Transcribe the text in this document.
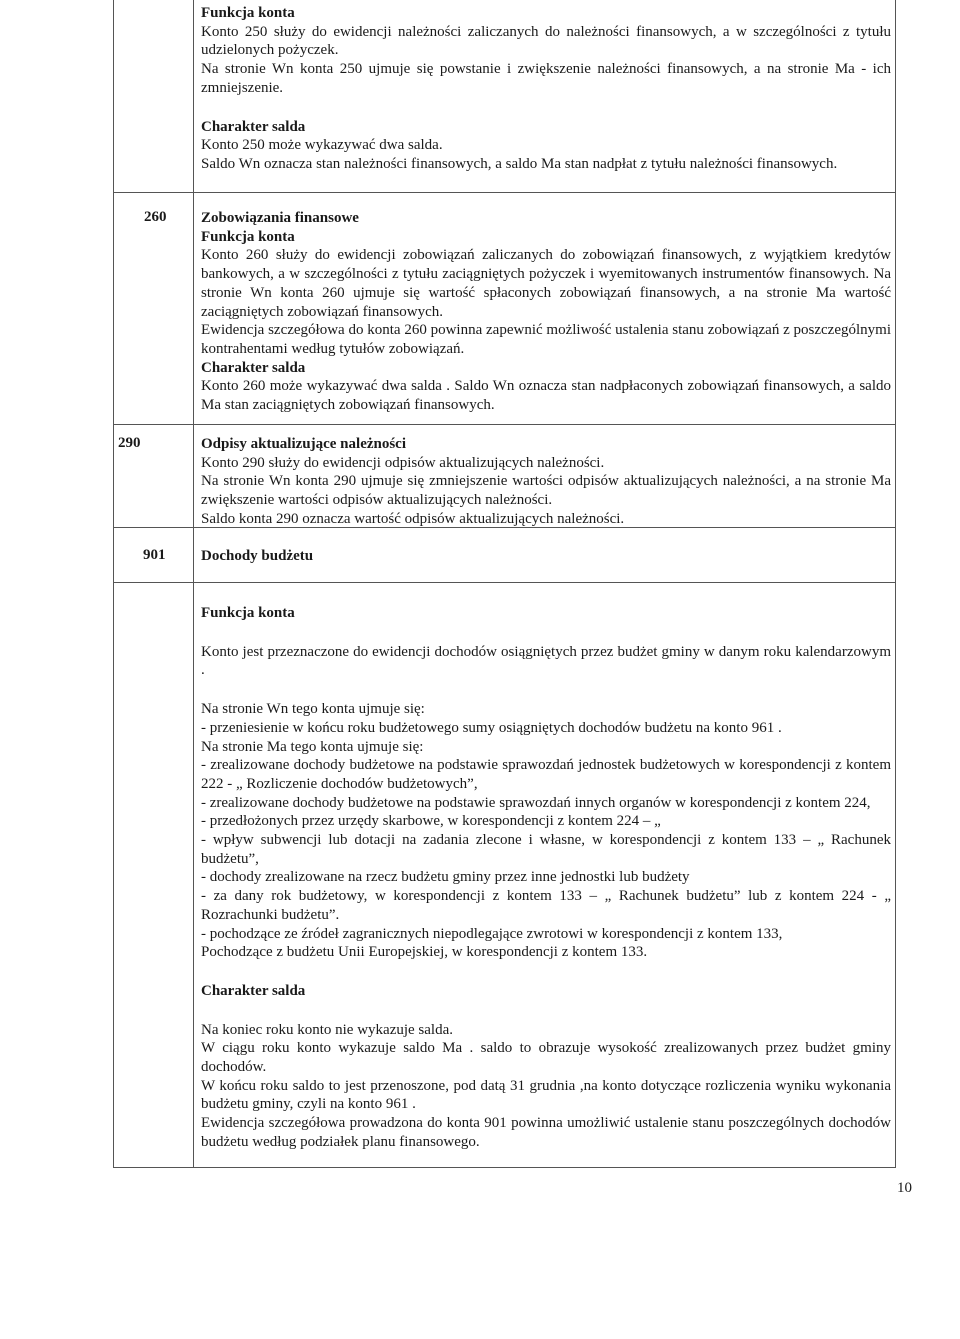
260
290
901

Funkcja konta

Konto 250 służy do ewidencji należności zaliczanych do należności finansowych, a w szczególności z tytułu udzielonych pożyczek.

Na stronie Wn konta 250 ujmuje się powstanie i zwiększenie należności finansowych, a na stronie Ma - ich zmniejszenie.

Charakter salda

Konto 250 może wykazywać dwa salda.

Saldo Wn oznacza stan należności finansowych, a saldo Ma stan nadpłat z tytułu należności finansowych.

Zobowiązania finansowe

Funkcja konta

Konto 260 służy do ewidencji zobowiązań zaliczanych do zobowiązań finansowych, z wyjątkiem kredytów bankowych, a w szczególności z tytułu zaciągniętych pożyczek i wyemitowanych instrumentów finansowych. Na stronie Wn konta 260 ujmuje się wartość spłaconych zobowiązań finansowych, a na stronie Ma wartość zaciągniętych zobowiązań finansowych.

Ewidencja szczegółowa do konta 260 powinna zapewnić możliwość ustalenia stanu zobowiązań z poszczególnymi kontrahentami według tytułów zobowiązań.

Charakter salda

Konto 260 może wykazywać dwa salda . Saldo Wn oznacza stan nadpłaconych zobowiązań finansowych, a saldo Ma stan zaciągniętych zobowiązań finansowych.

Odpisy aktualizujące należności

Konto 290 służy do ewidencji odpisów aktualizujących należności.

Na stronie Wn konta 290 ujmuje się zmniejszenie wartości odpisów aktualizujących należności, a na stronie Ma zwiększenie wartości odpisów aktualizujących należności.

Saldo konta 290 oznacza wartość odpisów aktualizujących należności.

Dochody budżetu

Funkcja konta

Konto jest przeznaczone do ewidencji dochodów osiągniętych przez budżet gminy w danym roku kalendarzowym .

Na stronie Wn tego konta ujmuje się:

- przeniesienie w końcu roku budżetowego sumy osiągniętych dochodów budżetu na konto 961 .

Na stronie Ma tego konta ujmuje się:

- zrealizowane dochody budżetowe na podstawie sprawozdań jednostek budżetowych w korespondencji z kontem 222 - „ Rozliczenie dochodów budżetowych”,

- zrealizowane dochody budżetowe na podstawie sprawozdań innych organów w korespondencji z kontem 224,

- przedłożonych przez urzędy skarbowe, w korespondencji z kontem 224 – „

- wpływ subwencji lub dotacji na zadania zlecone i własne, w korespondencji z kontem 133 – „ Rachunek budżetu”,

- dochody zrealizowane na rzecz budżetu gminy przez inne jednostki lub budżety

- za dany rok budżetowy, w korespondencji z kontem 133 – „ Rachunek budżetu” lub z kontem 224 - „ Rozrachunki budżetu”.

- pochodzące ze źródeł zagranicznych niepodlegające zwrotowi w korespondencji z kontem 133,

Pochodzące z budżetu Unii Europejskiej, w korespondencji z kontem 133.

Charakter salda

Na koniec roku konto nie wykazuje salda.

W ciągu roku konto wykazuje saldo Ma . saldo to obrazuje wysokość zrealizowanych przez budżet gminy dochodów.

W końcu roku saldo to jest przenoszone, pod datą 31 grudnia ,na konto dotyczące rozliczenia wyniku wykonania budżetu gminy, czyli na konto 961 .

Ewidencja szczegółowa prowadzona do konta 901 powinna umożliwić ustalenie stanu poszczególnych dochodów budżetu według podziałek planu finansowego.

10
